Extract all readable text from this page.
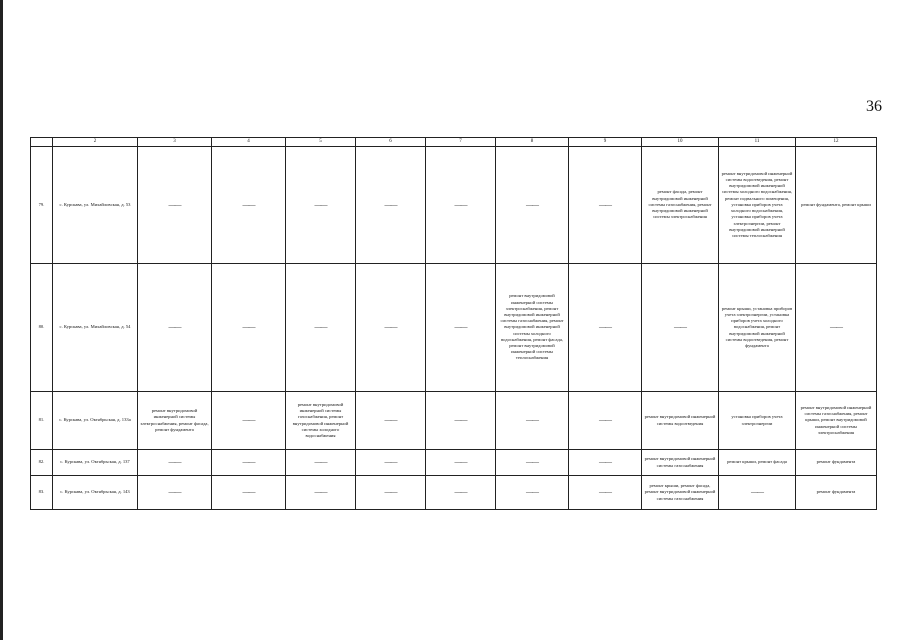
36
	2	3	4	5	6	7	8	9	10	11	12
79.	с. Курскава, ул. Михайловская, д. 53	——	——	——	——	——	——	——	ремонт фасада, ремонт внутридомовой инженерной системы газоснабжения, ремонт внутридомовой инженерной системы электроснабжения	ремонт внутридомовой инженерной системы водоотведения, ремонт внутридомовой инженерной системы холодного водоснабжения, ремонт подвального помещения, установка приборов учета холодного водоснабжения, установка приборов учета электроэнергии, ремонт внутридомовой инженерной системы теплоснабжения	ремонт фундамента, ремонт крыши
80.	с. Курскава, ул. Михайловская, д. 54	——	——	——	——	——	ремонт внутридомовой инженерной системы электроснабжения, ремонт внутридомовой инженерной системы газоснабжения, ремонт внутридомовой инженерной системы холодного водоснабжения, ремонт фасада, ремонт внутридомовой инженерной системы теплоснабжения	——	——	ремонт крыши, установка приборов учета электроэнергии, установка приборов учета холодного водоснабжения, ремонт внутридомовой инженерной системы водоотведения, ремонт фундамента	——
81.	с. Курскава, ул. Октябрьская, д. 133а	ремонт внутридомовой инженерной системы электроснабжения, ремонт фасада, ремонт фундамента	——	ремонт внутридомовой инженерной системы газоснабжения, ремонт внутридомовой инженерной системы холодного водоснабжения	——	——	——	——	ремонт внутридомовой инженерной системы водоотведения	установка приборов учета электроэнергии	ремонт внутридомовой инженерной системы газоснабжения, ремонт крыши, ремонт внутридомовой инженерной системы электроснабжения
82.	с. Курскава, ул. Октябрьская, д. 137	——	——	——	——	——	——	——	ремонт внутридомовой инженерной системы газоснабжения	ремонт крыши, ремонт фасада	ремонт фундамента
83.	с. Курскава, ул. Октябрьская, д. 143	——	——	——	——	——	——	——	ремонт крыши, ремонт фасада, ремонт внутридомовой инженерной системы газоснабжения	——	ремонт фундамента
